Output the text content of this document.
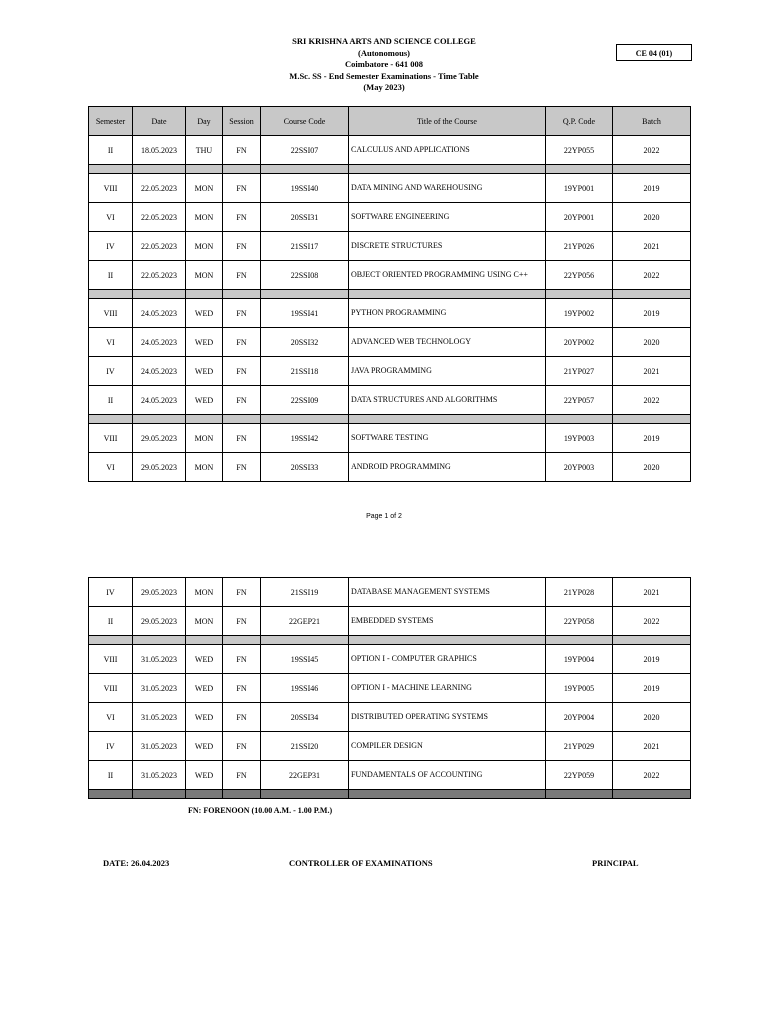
SRI KRISHNA ARTS AND SCIENCE COLLEGE
(Autonomous)
Coimbatore - 641 008
M.Sc. SS - End Semester Examinations - Time Table
(May 2023)
CE 04 (01)
Semester	Date	Day	Session	Course Code	Title of the Course	Q.P. Code	Batch
II	18.05.2023	THU	FN	22SSI07	CALCULUS AND APPLICATIONS	22YP055	2022

VIII	22.05.2023	MON	FN	19SSI40	DATA MINING AND WAREHOUSING	19YP001	2019
VI	22.05.2023	MON	FN	20SSI31	SOFTWARE ENGINEERING	20YP001	2020
IV	22.05.2023	MON	FN	21SSI17	DISCRETE STRUCTURES	21YP026	2021
II	22.05.2023	MON	FN	22SSI08	OBJECT ORIENTED PROGRAMMING USING C++	22YP056	2022

VIII	24.05.2023	WED	FN	19SSI41	PYTHON PROGRAMMING	19YP002	2019
VI	24.05.2023	WED	FN	20SSI32	ADVANCED WEB TECHNOLOGY	20YP002	2020
IV	24.05.2023	WED	FN	21SSI18	JAVA PROGRAMMING	21YP027	2021
II	24.05.2023	WED	FN	22SSI09	DATA STRUCTURES AND ALGORITHMS	22YP057	2022

VIII	29.05.2023	MON	FN	19SSI42	SOFTWARE TESTING	19YP003	2019
VI	29.05.2023	MON	FN	20SSI33	ANDROID PROGRAMMING	20YP003	2020
Page 1 of 2
IV	29.05.2023	MON	FN	21SSI19	DATABASE MANAGEMENT SYSTEMS	21YP028	2021
II	29.05.2023	MON	FN	22GEP21	EMBEDDED SYSTEMS	22YP058	2022

VIII	31.05.2023	WED	FN	19SSI45	OPTION I - COMPUTER GRAPHICS	19YP004	2019
VIII	31.05.2023	WED	FN	19SSI46	OPTION I - MACHINE LEARNING	19YP005	2019
VI	31.05.2023	WED	FN	20SSI34	DISTRIBUTED OPERATING SYSTEMS	20YP004	2020
IV	31.05.2023	WED	FN	21SSI20	COMPILER DESIGN	21YP029	2021
II	31.05.2023	WED	FN	22GEP31	FUNDAMENTALS OF ACCOUNTING	22YP059	2022

FN: FORENOON (10.00 A.M. - 1.00 P.M.)
DATE: 26.04.2023	CONTROLLER OF EXAMINATIONS	PRINCIPAL
